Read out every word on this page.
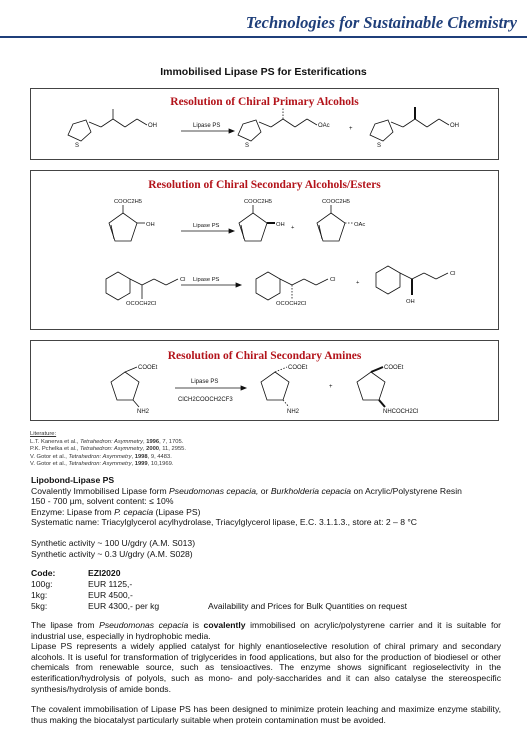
Technologies for Sustainable Chemistry
Immobilised Lipase PS for Esterifications
Resolution of Chiral Primary Alcohols
Lipase PS
S
OH
S
OAc	+
S
OH
Resolution of Chiral Secondary Alcohols/Esters
Lipase PS
COOC2H5
OH
COOC2H5
OH +
COOC2H5
OAc
Lipase PS
Cl
OCOCH2Cl
Cl
OCOCH2Cl
+
Cl
OH
Resolution of Chiral Secondary Amines
Lipase PS
ClCH2COOCH2CF3
COOEt
NH2
COOEt
NH2
+
COOEt
NHCOCH2Cl
Literature:
L.T. Kanerva et al., Tetrahedron: Asymmetry, 1996, 7, 1705.
P.K. Pchelka et al., Tetrahedron: Asymmetry, 2000, 11, 2955.
V. Gotor et al., Tetrahedron: Asymmetry, 1998, 9, 4483.
V. Gotor et al., Tetrahedron: Asymmetry, 1999, 10,1969.
Lipobond-Lipase PS
Covalently Immobilised Lipase form Pseudomonas cepacia, or Burkholderia cepacia on Acrylic/Polystyrene Resin
150 - 700 µm, solvent content: ≤ 10%
Enzyme: Lipase from P. cepacia (Lipase PS)
Systematic name: Triacylglycerol acylhydrolase, Triacylglycerol lipase, E.C. 3.1.1.3., store at: 2 – 8 °C
Synthetic activity ~ 100 U/gdry (A.M. S013)
Synthetic activity ~ 0.3 U/gdry (A.M. S028)
Code:	EZI2020
100g:	EUR 1125,-
1kg:	EUR 4500,-
5kg:	EUR 4300,- per kg	Availability and Prices for Bulk Quantities on request
The lipase from Pseudomonas cepacia is covalently immobilised on acrylic/polystyrene carrier and it is suitable for industrial use, especially in hydrophobic media.
Lipase PS represents a widely applied catalyst for highly enantioselective resolution of chiral primary and secondary alcohols. It is useful for transformation of triglycerides in food applications, but also for the production of biodiesel or other chemicals from renewable source, such as tensioactives. The enzyme shows significant regioselectivity in the esterification/hydrolysis of polyols, such as mono- and poly-saccharides and it can also catalyse the stereospecific synthesis/hydrolysis of amide bonds.
The covalent immobilisation of Lipase PS has been designed to minimize protein leaching and maximize enzyme stability, thus making the biocatalyst particularly suitable when protein contamination must be avoided.
